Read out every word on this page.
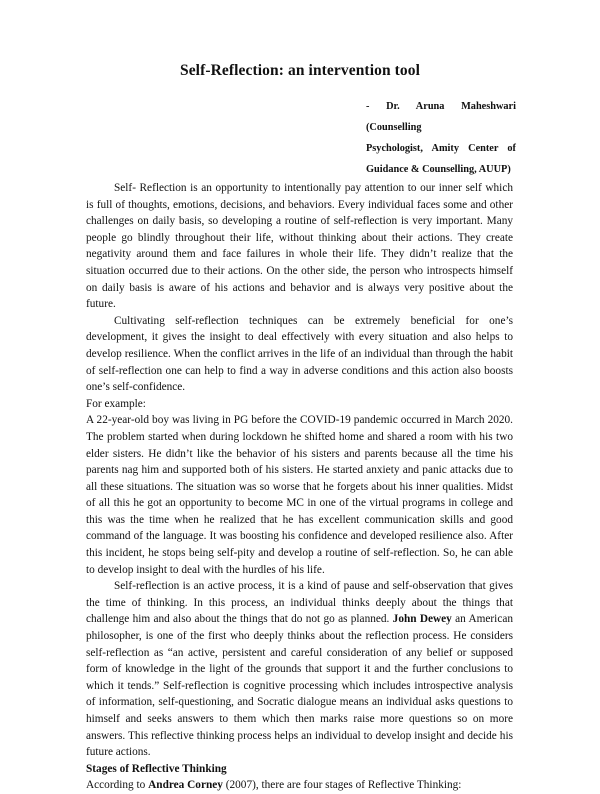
Self-Reflection: an intervention tool
- Dr. Aruna Maheshwari (Counselling
Psychologist, Amity Center of
Guidance & Counselling, AUUP)

Self- Reflection is an opportunity to intentionally pay attention to our inner self which is full of thoughts, emotions, decisions, and behaviors. Every individual faces some and other challenges on daily basis, so developing a routine of self-reflection is very important. Many people go blindly throughout their life, without thinking about their actions. They create negativity around them and face failures in whole their life. They didn’t realize that the situation occurred due to their actions. On the other side, the person who introspects himself on daily basis is aware of his actions and behavior and is always very positive about the future.

Cultivating self-reflection techniques can be extremely beneficial for one’s development, it gives the insight to deal effectively with every situation and also helps to develop resilience. When the conflict arrives in the life of an individual than through the habit of self-reflection one can help to find a way in adverse conditions and this action also boosts one’s self-confidence.

For example:

A 22-year-old boy was living in PG before the COVID-19 pandemic occurred in March 2020. The problem started when during lockdown he shifted home and shared a room with his two elder sisters. He didn’t like the behavior of his sisters and parents because all the time his parents nag him and supported both of his sisters. He started anxiety and panic attacks due to all these situations. The situation was so worse that he forgets about his inner qualities. Midst of all this he got an opportunity to become MC in one of the virtual programs in college and this was the time when he realized that he has excellent communication skills and good command of the language. It was boosting his confidence and developed resilience also. After this incident, he stops being self-pity and develop a routine of self-reflection. So, he can able to develop insight to deal with the hurdles of his life.

Self-reflection is an active process, it is a kind of pause and self-observation that gives the time of thinking. In this process, an individual thinks deeply about the things that challenge him and also about the things that do not go as planned. John Dewey an American philosopher, is one of the first who deeply thinks about the reflection process. He considers self-reflection as “an active, persistent and careful consideration of any belief or supposed form of knowledge in the light of the grounds that support it and the further conclusions to which it tends.” Self-reflection is cognitive processing which includes introspective analysis of information, self-questioning, and Socratic dialogue means an individual asks questions to himself and seeks answers to them which then marks raise more questions so on more answers. This reflective thinking process helps an individual to develop insight and decide his future actions.

Stages of Reflective Thinking

According to Andrea Corney (2007), there are four stages of Reflective Thinking:
